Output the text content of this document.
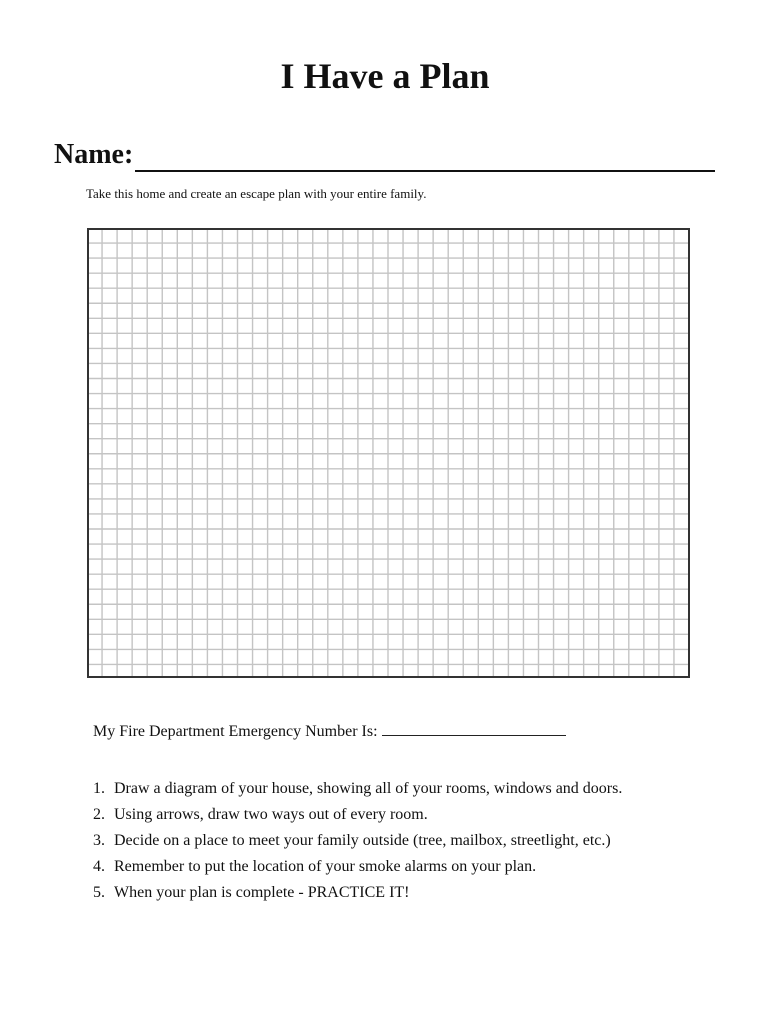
I Have a Plan
Name:
Take this home and create an escape plan with your entire family.
My Fire Department Emergency Number Is:
1. Draw a diagram of your house, showing all of your rooms, windows and doors.
2. Using arrows, draw two ways out of every room.
3. Decide on a place to meet your family outside (tree, mailbox, streetlight, etc.)
4. Remember to put the location of your smoke alarms on your plan.
5. When your plan is complete - PRACTICE IT!
